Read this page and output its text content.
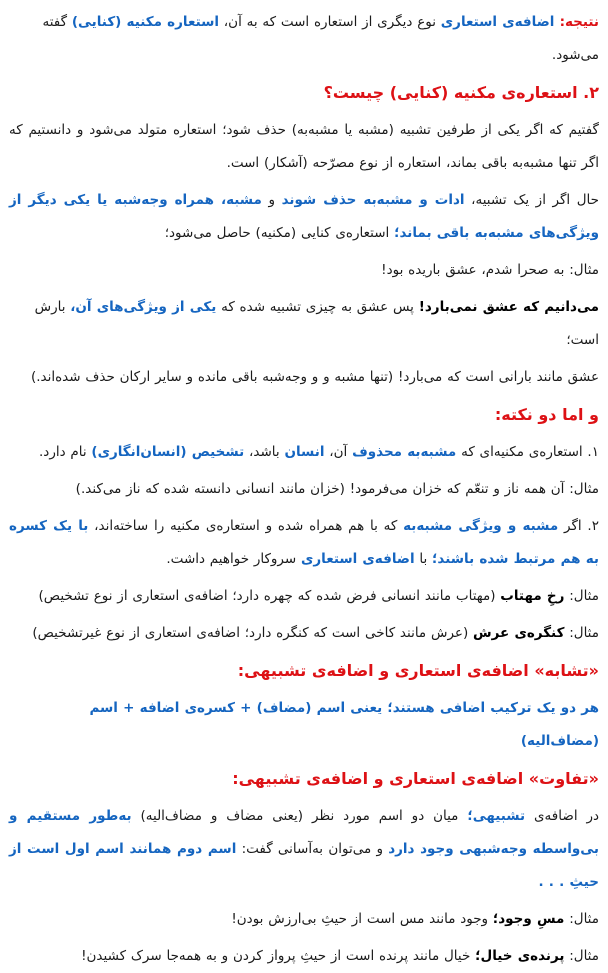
نتیجه: اضافه‌ی استعاری نوع دیگری از استعاره است که به آن، استعاره مکنیه (کنایی) گفته می‌شود.

۲. استعاره‌ی مکنیه (کنایی) چیست؟

گفتیم که اگر یکی از طرفین تشبیه (مشبه یا مشبه‌به) حذف شود؛ استعاره متولد می‌شود و دانستیم که اگر تنها مشبه‌به باقی بماند، استعاره از نوع مصرّحه (آشکار) است.

حال اگر از یک تشبیه، ادات و مشبه‌به حذف شوند و مشبه، همراه وجه‌شبه یا یکی دیگر از ویژگی‌های مشبه‌به باقی بماند؛ استعاره‌ی کنایی (مکنیه) حاصل می‌شود؛

مثال: به صحرا شدم، عشق باریده بود!

می‌دانیم که عشق نمی‌بارد! پس عشق به چیزی تشبیه شده که یکی از ویژگی‌های آن، بارش است؛

عشق مانند بارانی است که می‌بارد! (تنها مشبه و و وجه‌شبه باقی مانده و سایر ارکان حذف شده‌اند.)

و اما دو نکته:

۱. استعاره‌ی مکنیه‌ای که مشبه‌به محذوف آن، انسان باشد، تشخیص (انسان‌انگاری) نام دارد.

مثال: آن همه ناز و تنعّم که خزان می‌فرمود! (خزان مانند انسانی دانسته شده که ناز می‌کند.)

۲. اگر مشبه و ویژگی مشبه‌به که با هم همراه شده و استعاره‌ی مکنیه را ساخته‌اند، با یک کسره به هم مرتبط شده باشند؛ با اضافه‌ی استعاری سروکار خواهیم داشت.

مثال: رخِ مهتاب (مهتاب مانند انسانی فرض شده که چهره دارد؛ اضافه‌ی استعاری از نوع تشخیص)

مثال: کنگره‌ی عرش (عرش مانند کاخی است که کنگره دارد؛ اضافه‌ی استعاری از نوع غیرتشخیص)

«تشابه» اضافه‌ی استعاری و اضافه‌ی تشبیهی:

هر دو یک ترکیب اضافی هستند؛ یعنی اسم (مضاف) + کسره‌ی اضافه + اسم (مضاف‌الیه)

«تفاوت» اضافه‌ی استعاری و اضافه‌ی تشبیهی:

در اضافه‌ی تشبیهی؛ میان دو اسم مورد نظر (یعنی مضاف و مضاف‌الیه) به‌طور مستقیم و بی‌واسطه وجه‌شبهی وجود دارد و می‌توان به‌آسانی گفت: اسم دوم همانند اسم اول است از حیثِ . . .

مثال: مسِ وجود؛ وجود مانند مس است از حیثِ بی‌ارزش بودن!

مثال: پرنده‌ی خیال؛ خیال مانند پرنده است از حیثِ پرواز کردن و به همه‌جا سرک کشیدن!
